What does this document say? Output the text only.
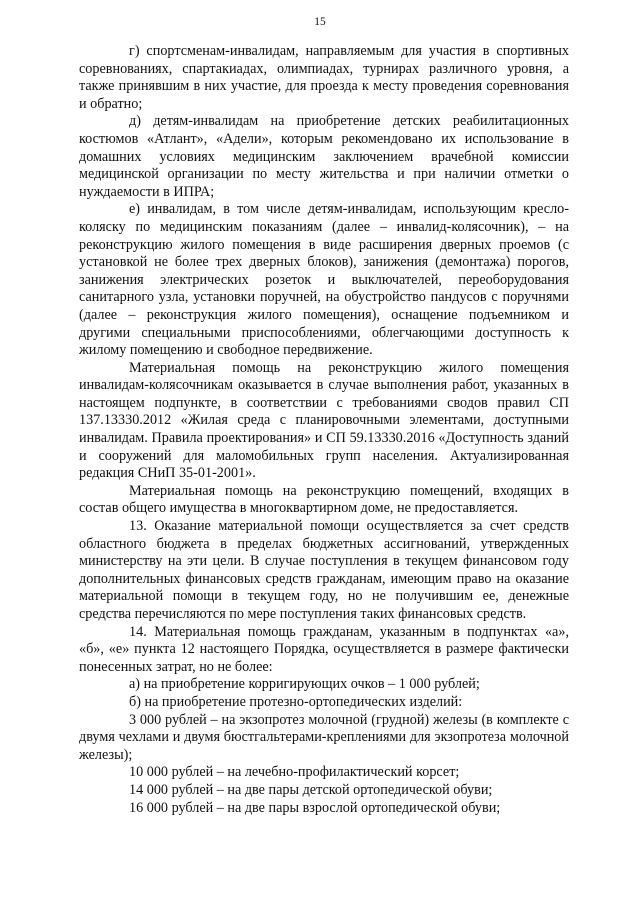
15

г) спортсменам-инвалидам, направляемым для участия в спортивных соревнованиях, спартакиадах, олимпиадах, турнирах различного уровня, а также принявшим в них участие, для проезда к месту проведения соревнования и обратно;

д) детям-инвалидам на приобретение детских реабилитационных костюмов «Атлант», «Адели», которым рекомендовано их использование в домашних условиях медицинским заключением врачебной комиссии медицинской организации по месту жительства и при наличии отметки о нуждаемости в ИПРА;

е) инвалидам, в том числе детям-инвалидам, использующим кресло-коляску по медицинским показаниям (далее – инвалид-колясочник), – на реконструкцию жилого помещения в виде расширения дверных проемов (с установкой не более трех дверных блоков), занижения (демонтажа) порогов, занижения электрических розеток и выключателей, переоборудования санитарного узла, установки поручней, на обустройство пандусов с поручнями (далее – реконструкция жилого помещения), оснащение подъемником и другими специальными приспособлениями, облегчающими доступность к жилому помещению и свободное передвижение.

Материальная помощь на реконструкцию жилого помещения инвалидам-колясочникам оказывается в случае выполнения работ, указанных в настоящем подпункте, в соответствии с требованиями сводов правил СП 137.13330.2012 «Жилая среда с планировочными элементами, доступными инвалидам. Правила проектирования» и СП 59.13330.2016 «Доступность зданий и сооружений для маломобильных групп населения. Актуализированная редакция СНиП 35-01-2001».

Материальная помощь на реконструкцию помещений, входящих в состав общего имущества в многоквартирном доме, не предоставляется.

13. Оказание материальной помощи осуществляется за счет средств областного бюджета в пределах бюджетных ассигнований, утвержденных министерству на эти цели. В случае поступления в текущем финансовом году дополнительных финансовых средств гражданам, имеющим право на оказание материальной помощи в текущем году, но не получившим ее, денежные средства перечисляются по мере поступления таких финансовых средств.

14. Материальная помощь гражданам, указанным в подпунктах «а», «б», «е» пункта 12 настоящего Порядка, осуществляется в размере фактически понесенных затрат, но не более:

а) на приобретение корригирующих очков – 1 000 рублей;

б) на приобретение протезно-ортопедических изделий:

3 000 рублей – на экзопротез молочной (грудной) железы (в комплекте с двумя чехлами и двумя бюстгальтерами-креплениями для экзопротеза молочной железы);

10 000 рублей – на лечебно-профилактический корсет;

14 000 рублей – на две пары детской ортопедической обуви;

16 000 рублей – на две пары взрослой ортопедической обуви;
